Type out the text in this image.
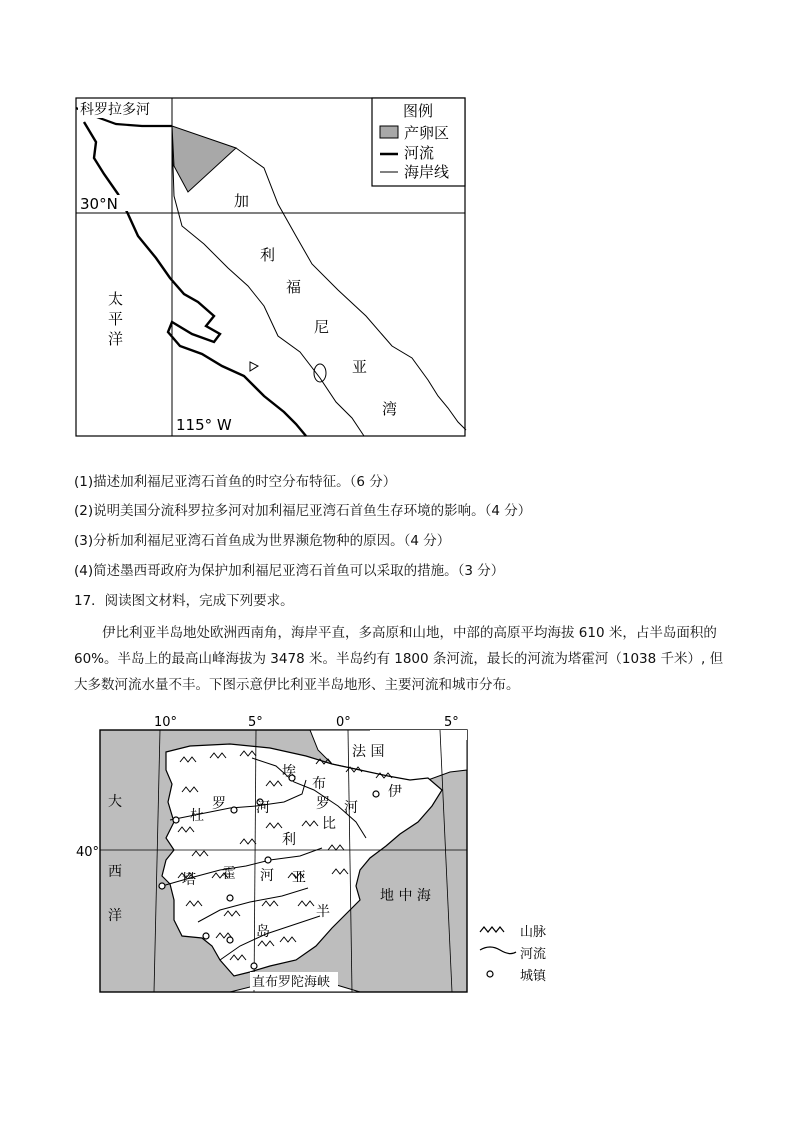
图例
产卵区
河流
海岸线
科罗拉多河
30°N
115° W
太
平
洋
加
利
福
尼
亚
湾
(1)描述加利福尼亚湾石首鱼的时空分布特征。（6 分）
(2)说明美国分流科罗拉多河对加利福尼亚湾石首鱼生存环境的影响。（4 分）
(3)分析加利福尼亚湾石首鱼成为世界濒危物种的原因。（4 分）
(4)简述墨西哥政府为保护加利福尼亚湾石首鱼可以采取的措施。（3 分）
17．阅读图文材料，完成下列要求。
伊比利亚半岛地处欧洲西南角，海岸平直，多高原和山地，中部的高原平均海拔 610 米，占半岛面积的 60%。半岛上的最高山峰海拔为 3478 米。半岛约有 1800 条河流，最长的河流为塔霍河（1038 千米）, 但大多数河流水量不丰。下图示意伊比利亚半岛地形、主要河流和城市分布。
10°	5°	0°	5°
40°
大
西
洋
法 国
地 中 海
埃
布
罗 河
伊
比
利
亚
半
岛
杜
罗 河
塔 霍 河
直布罗陀海峡
山脉
河流
城镇
